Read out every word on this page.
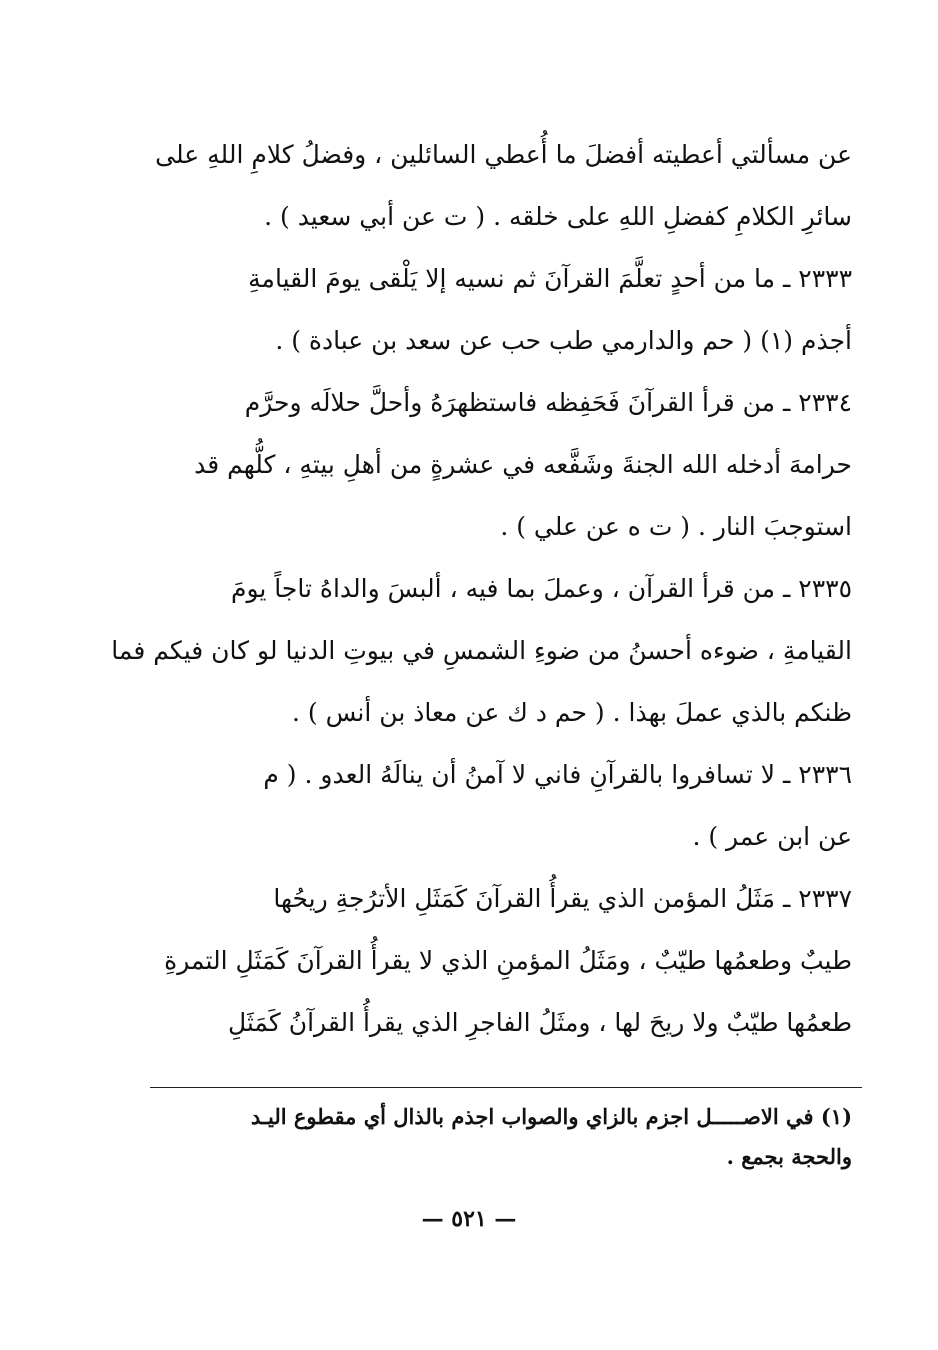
عن مسألتي أعطيته أفضلَ ما أُعطي السائلين ، وفضلُ كلامِ اللهِ على
سائرِ الكلامِ كفضلِ اللهِ على خلقه . ( ت عن أبي سعيد ) .
٢٣٣٣ ـ ما من أحدٍ تعلَّمَ القرآنَ ثم نسيه إلا يَلْقى يومَ القيامةِ
أجذم (١) ( حم والدارمي طب حب عن سعد بن عبادة ) .
٢٣٣٤ ـ من قرأ القرآنَ فَحَفِظه فاستظهرَهُ وأحلَّ حلالَه وحرَّم
حرامهَ أدخله الله الجنةَ وشَفَّعه في عشرةٍ من أهلِ بيتهِ ، كلُّهم قد
استوجبَ النار . ( ت ه عن علي ) .
٢٣٣٥ ـ من قرأ القرآن ، وعملَ بما فيه ، ألبسَ والداهُ تاجاً يومَ
القيامةِ ، ضوءه أحسنُ من ضوءِ الشمسِ في بيوتِ الدنيا لو كان فيكم فما
ظنكم بالذي عملَ بهذا . ( حم د ك عن معاذ بن أنس ) .
٢٣٣٦ ـ لا تسافروا بالقرآنِ فاني لا آمنُ أن ينالَهُ العدو . ( م
عن ابن عمر ) .
٢٣٣٧ ـ مَثَلُ المؤمن الذي يقرأُ القرآنَ كَمَثَلِ الأترُجةِ ريحُها
طيبٌ وطعمُها طيّبٌ ، ومَثَلُ المؤمنِ الذي لا يقرأُ القرآنَ كَمَثَلِ التمرةِ
طعمُها طيّبٌ ولا ريحَ لها ، ومثَلُ الفاجرِ الذي يقرأُ القرآنُ كَمَثَلِ
(١) في الاصـــــل اجزم بالزاي والصواب اجذم بالذال أي مقطوع اليـد
والحجة بجمع .
— ٥٢١ —
